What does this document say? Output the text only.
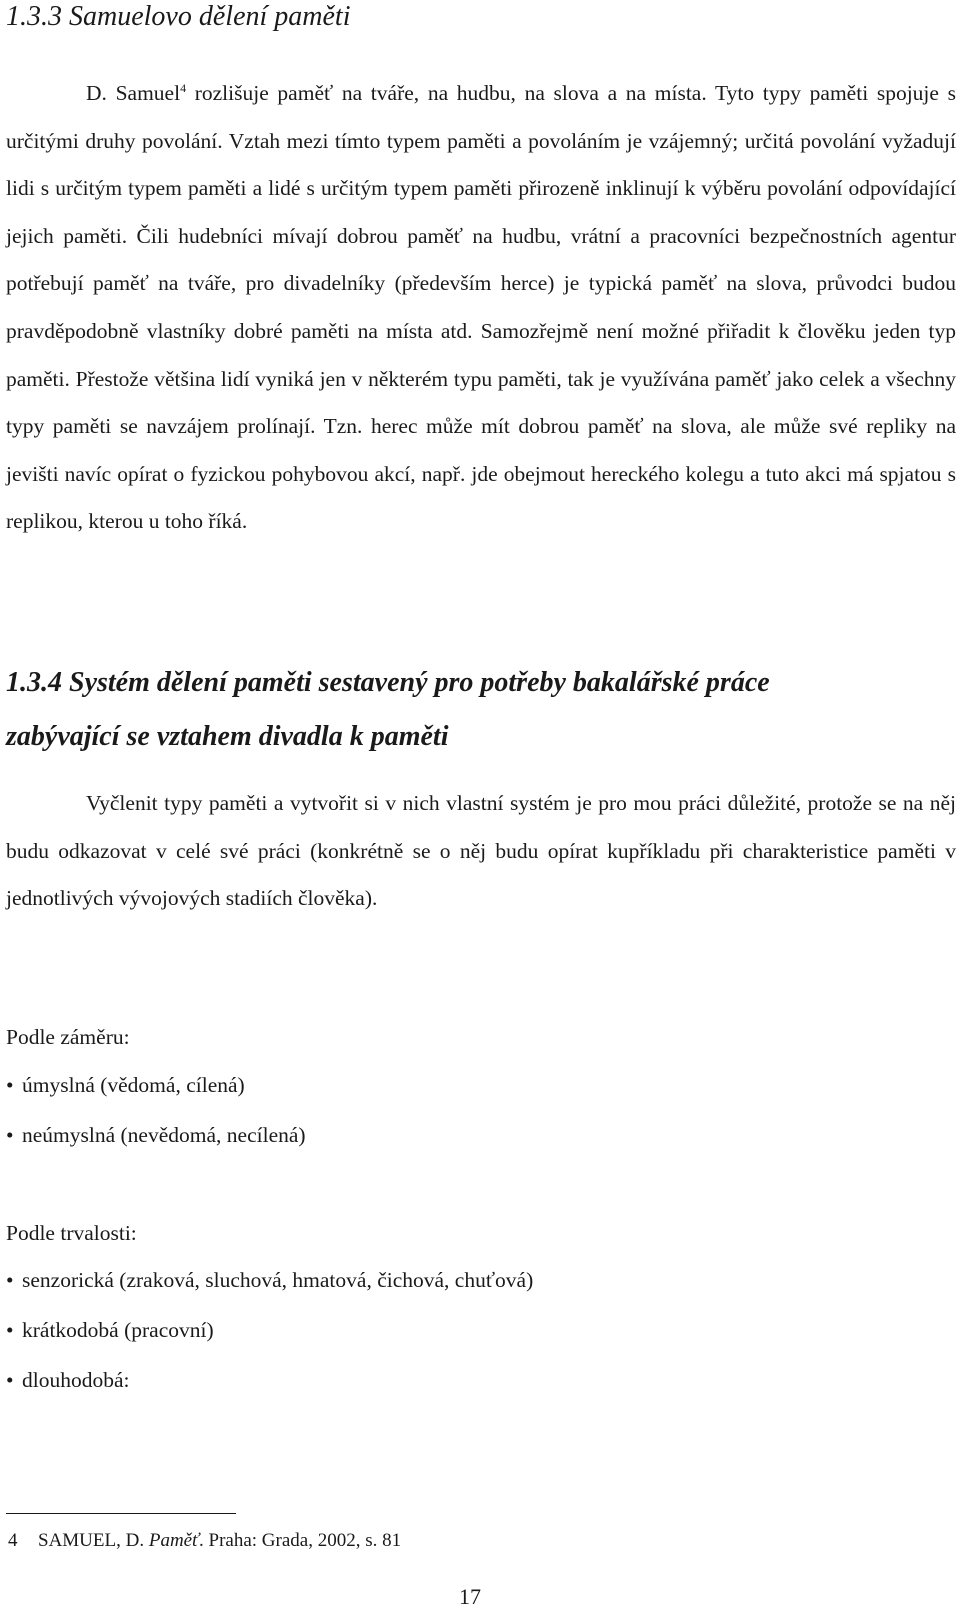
1.3.3 Samuelovo dělení paměti

D. Samuel$^4$ rozlišuje paměť na tváře, na hudbu, na slova a na místa. Tyto typy paměti spojuje s určitými druhy povolání. Vztah mezi tímto typem paměti a povoláním je vzájemný; určitá povolání vyžadují lidi s určitým typem paměti a lidé s určitým typem paměti přirozeně inklinují k výběru povolání odpovídající jejich paměti. Čili hudebníci mívají dobrou paměť na hudbu, vrátní a pracovníci bezpečnostních agentur potřebují paměť na tváře, pro divadelníky (především herce) je typická paměť na slova, průvodci budou pravděpodobně vlastníky dobré paměti na místa atd. Samozřejmě není možné přiřadit k člověku jeden typ paměti. Přestože většina lidí vyniká jen v některém typu paměti, tak je využívána paměť jako celek a všechny typy paměti se navzájem prolínají. Tzn. herec může mít dobrou paměť na slova, ale může své repliky na jevišti navíc opírat o fyzickou pohybovou akcí, např. jde obejmout hereckého kolegu a tuto akci má spjatou s replikou, kterou u toho říká.

1.3.4 Systém dělení paměti sestavený pro potřeby bakalářské práce
zabývající se vztahem divadla k paměti

Vyčlenit typy paměti a vytvořit si v nich vlastní systém je pro mou práci důležité, protože se na něj budu odkazovat v celé své práci (konkrétně se o něj budu opírat kupříkladu při charakteristice paměti v jednotlivých vývojových stadiích člověka).

Podle záměru:

• úmyslná (vědomá, cílená)
• neúmyslná (nevědomá, necílená)

Podle trvalosti:

• senzorická (zraková, sluchová, hmatová, čichová, chuťová)
• krátkodobá (pracovní)
• dlouhodobá:

4 SAMUEL, D. Paměť. Praha: Grada, 2002, s. 81

17
